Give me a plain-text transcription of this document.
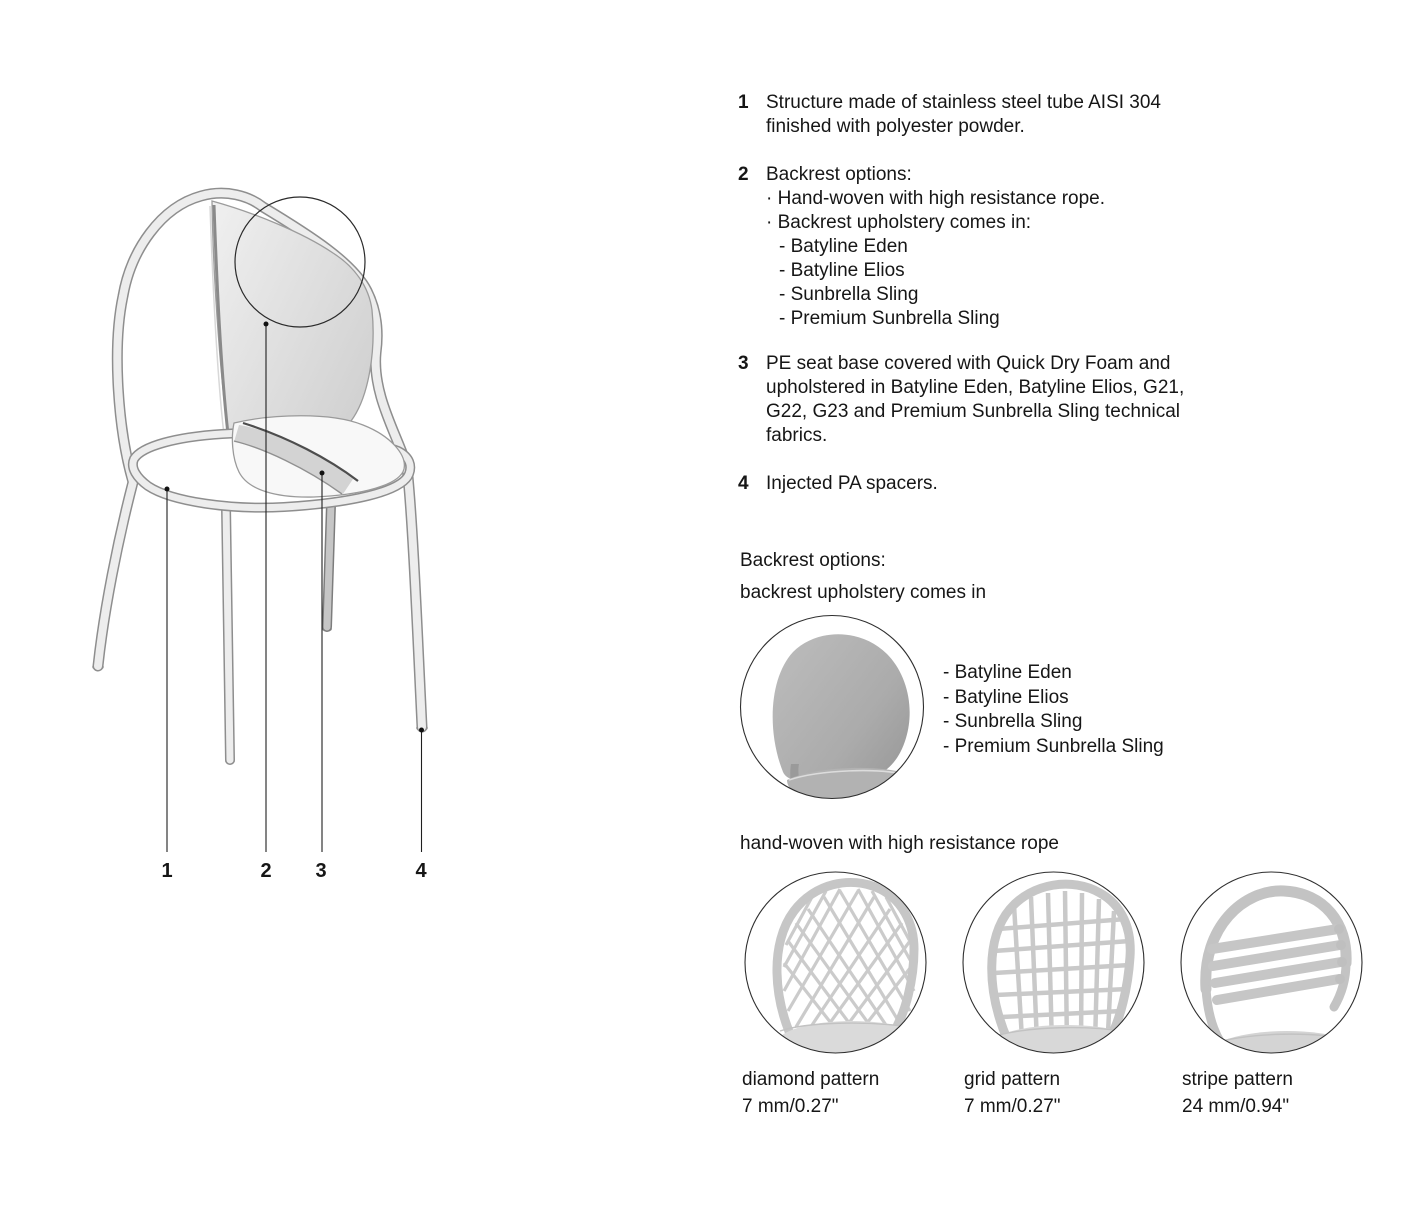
1	2 3	4
1 Structure made of stainless steel tube AISI 304
finished with polyester powder.
2 Backrest options:
· Hand-woven with high resistance rope.
· Backrest upholstery comes in:
- Batyline Eden
- Batyline Elios
- Sunbrella Sling
- Premium Sunbrella Sling
3 PE seat base covered with Quick Dry Foam and
upholstered in Batyline Eden, Batyline Elios, G21,
G22, G23 and Premium Sunbrella Sling technical
fabrics.
4 Injected PA spacers.
Backrest options:
backrest upholstery comes in
- Batyline Eden
- Batyline Elios
- Sunbrella Sling
- Premium Sunbrella Sling
hand-woven with high resistance rope
diamond pattern
7 mm/0.27"
grid pattern
7 mm/0.27"
stripe pattern
24 mm/0.94"
